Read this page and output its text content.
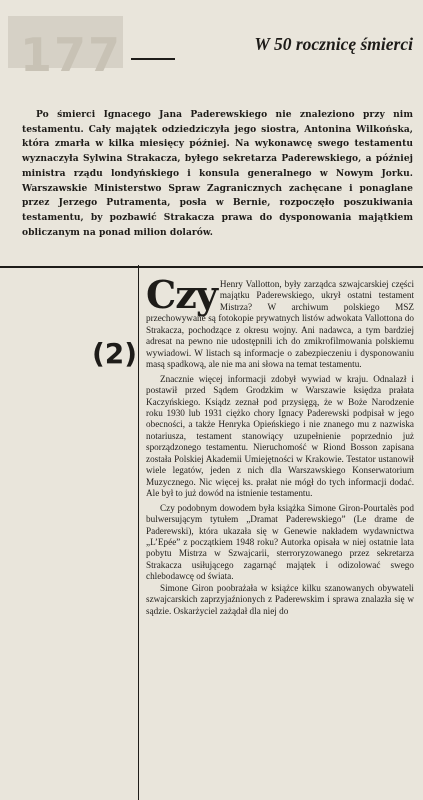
177	W 50 rocznicę śmierci

Po śmierci Ignacego Jana Paderewskiego nie znaleziono przy nim testamentu. Cały majątek odziedziczyła jego siostra, Antonina Wilkońska, która zmarła w kilka miesięcy później. Na wykonawcę swego testamentu wyznaczyła Sylwina Strakacza, byłego sekretarza Paderewskiego, a później ministra rządu londyńskiego i konsula generalnego w Nowym Jorku. Warszawskie Ministerstwo Spraw Zagranicznych zachęcane i ponaglane przez Jerzego Putramenta, posła w Bernie, rozpoczęło poszukiwania testamentu, by pozbawić Strakacza prawa do dysponowania majątkiem obliczanym na ponad milion dolarów.

(2)

Czy Henry Vallotton, były zarządca szwajcarskiej części majątku Paderewskiego, ukrył ostatni testament Mistrza? W archiwum polskiego MSZ przechowywane są fotokopie prywatnych listów adwokata Vallottona do Strakacza, pochodzące z okresu wojny. Ani nadawca, a tym bardziej adresat na pewno nie udostępnili ich do zmikrofilmowania polskiemu wywiadowi. W listach są informacje o zabezpieczeniu i dysponowaniu masą spadkową, ale nie ma ani słowa na temat testamentu.

Znacznie więcej informacji zdobył wywiad w kraju. Odnalazł i postawił przed Sądem Grodzkim w Warszawie księdza prałata Kaczyńskiego. Ksiądz zeznał pod przysięgą, że w Boże Narodzenie roku 1930 lub 1931 ciężko chory Ignacy Paderewski podpisał w jego obecności, a także Henryka Opieńskiego i nie znanego mu z nazwiska notariusza, testament stanowiący uzupełnienie poprzednio już sporządzonego testamentu. Nieruchomość w Riond Bosson zapisana została Polskiej Akademii Umiejętności w Krakowie. Testator ustanowił wiele legatów, jeden z nich dla Warszawskiego Konserwatorium Muzycznego. Nic więcej ks. prałat nie mógł do tych informacji dodać. Ale był to już dowód na istnienie testamentu.

Czy podobnym dowodem była książka Simone Giron-Pourtalès pod bulwersującym tytułem „Dramat Paderewskiego” (Le drame de Paderewski), która ukazała się w Genewie nakładem wydawnictwa „L’Epée” z początkiem 1948 roku? Autorka opisała w niej ostatnie lata pobytu Mistrza w Szwajcarii, sterroryzowanego przez sekretarza Strakacza usiłującego zagarnąć majątek i odizolować swego chlebodawcę od świata.

Simone Giron poobrażała w książce kilku szanowanych obywateli szwajcarskich zaprzyjaźnionych z Paderewskim i sprawa znalazła się w sądzie. Oskarżyciel zażądał dla niej do
